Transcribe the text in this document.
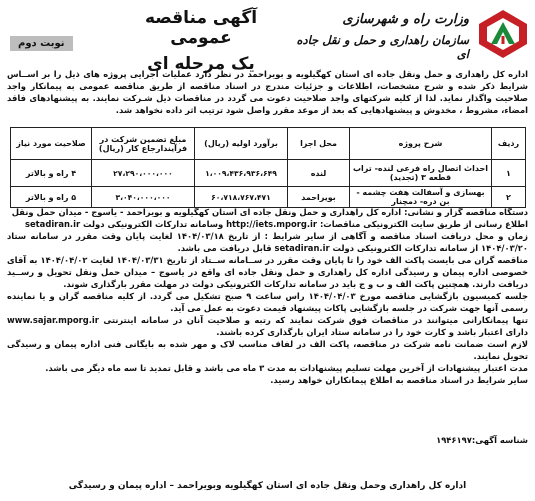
وزارت راه و شهرسازی
سازمان راهداری و حمل و نقل جاده ای
آگهی مناقصه عمومی
یک مرحله ای
نوبت دوم
اداره کل راهداری و حمل ونقل جاده ای استان کهگیلویه و بویراحمد در نظر دارد عملیات اجرایی پروژه های ذیل را بر اســاس شرایط ذکر شده و شرح مشخصات، اطلاعات و جزئیات مندرج در اسناد مناقصه از طریق مناقصه عمومی به پیمانکار واجد صلاحیت واگذار نماید. لذا از کلیه شرکتهای واجد صلاحیت دعوت می گردد در مناقصات ذیل شـرکت نمایند. به پیشنهادهای فاقد امضاء، مشروط ، مخدوش و پیشنهادهایی که بعد از موعد مقرر واصل شود ترتیب اثر داده نخواهد شد.
ردیف	شرح پروژه	محل اجرا	برآورد اولیه (ریال)	مبلغ تضمین شرکت در فرآیندارجاع کار (ریال)	صلاحیت مورد نیاز
۱	احداث اتصال راه فرعی لنده- تراب قطعه ۳ (تجدید)	لنده	۱،۰۰۹،۴۳۶،۹۳۶،۶۴۹	۲۷،۲۹۰،۰۰۰،۰۰۰	۴ راه و بالاتر
۲	بهسازی و آسفالت هفت چشمه - بن دره- دمچنار	بویراحمد	۶۰،۷۱۸،۷۶۷،۴۷۱	۳،۰۴۰،۰۰۰،۰۰۰	۵ راه و بالاتر

دستگاه مناقصه گزار و نشانی: اداره کل راهداری و حمل ونقل جاده ای استان کهگیلویه و بویراحمد - یاسوج - میدان حمل ونقل

اطلاع رسانی از طریق سایت الکترونیکی مناقصات: http://iets.mporg.ir وسامانه تدارکات الکترونیکی دولت setadiran.ir

زمان و محل دریافت اسناد مناقصه و آگاهی از سایر شرایط : از تاریخ ۱۴۰۴/۰۳/۱۸ لغایت پایان وقت مقرر در سامانه ستاد ۱۴۰۴/۰۳/۲۰ از سامانه تدارکات الکترونیکی دولت setadiran.ir قابل دریافت می باشد.

مناقصه گران می بایست پاکت الف خود را تا پایان وقت مقرر در ســامانه ســتاد از تاریخ ۱۴۰۴/۰۳/۳۱ لغایت ۱۴۰۴/۰۴/۰۲ به آقای خصوصی اداره پیمان و رسیدگی اداره کل راهداری و حمل ونقل جاده ای واقع در یاسوج – میدان حمل ونقل تحویل و رســید دریافت دارند. همچنین پاکت الف و ب و ج باید در سامانه تدارکات الکترونیکی دولت در مهلت مقرر بارگذاری شوند.

جلسه کمیسیون بازگشایی مناقصه مورخ ۱۴۰۴/۰۴/۰۳ راس ساعت ۹ صبح تشکیل می گردد. از کلیه مناقصه گران و یا نماینده رسمی آنها جهت شرکت در جلسه بازگشایی پاکات پیشنهاد قیمت دعوت به عمل می آید.

تنها پیمانکارانی میتوانند در مناقصات فوق شرکت نمایند که رتبه و صلاحیت آنان در سامانه اینترنتی www.sajar.mporg.ir دارای اعتبار باشد و کارت خود را در سامانه ستاد ایران بارگذاری کرده باشند.

لازم است ضمانت نامه شرکت در مناقصه، پاکت الف در لفاف مناسب لاک و مهر شده به بایگانی فنی اداره پیمان و رسیدگی تحویل نمایند.

مدت اعتبار پیشنهادات از آخرین مهلت تسلیم پیشنهادات به مدت ۳ ماه می باشد و قابل تمدید تا سه ماه دیگر می باشد.

سایر شرایط در اسناد مناقصه به اطلاع پیمانکاران خواهد رسید.

شناسه آگهی:۱۹۴۶۱۹۷
اداره کل راهداری وحمل ونقل جاده ای استان کهگیلویه وبویراحمد – اداره پیمان و رسیدگی
